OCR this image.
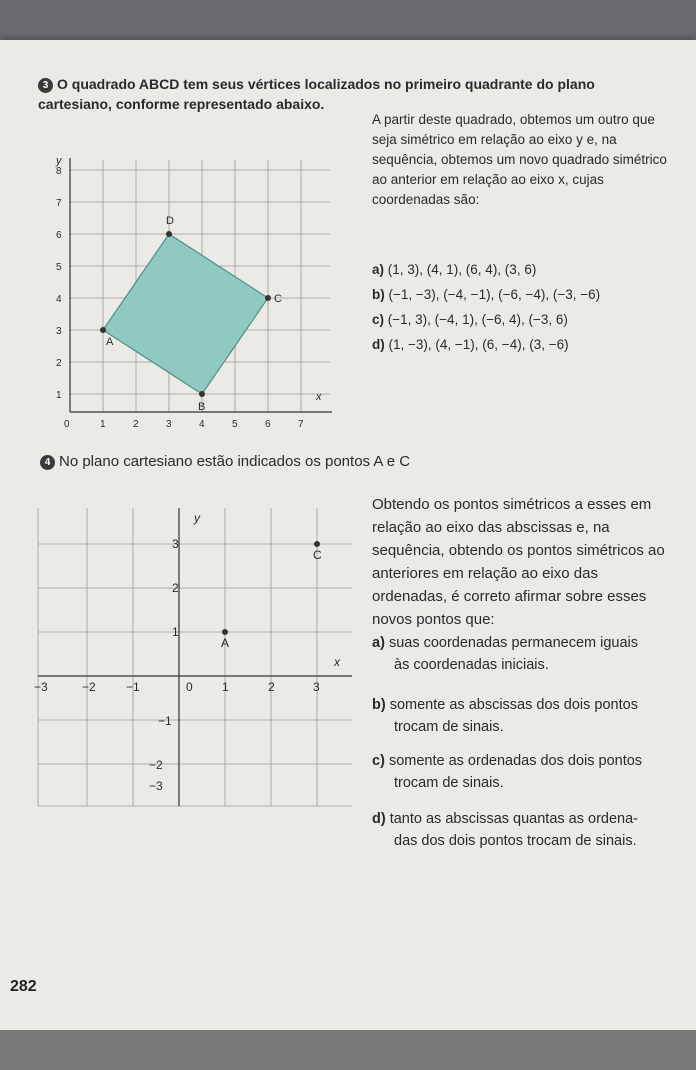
3 O quadrado ABCD tem seus vértices localizados no primeiro quadrante do plano cartesiano, conforme representado abaixo.
A
B
C
D
y
x
8
7
6
5
4
3
2
1
0	1	2	3	4	5	6	7
A partir deste quadrado, obtemos um outro que seja simétrico em relação ao eixo y e, na sequência, obtemos um novo quadrado simétrico ao anterior em relação ao eixo x, cujas coordenadas são:
a) (1, 3), (4, 1), (6, 4), (3, 6)
b) (−1, −3), (−4, −1), (−6, −4), (−3, −6)
c) (−1, 3), (−4, 1), (−6, 4), (−3, 6)
d) (1, −3), (4, −1), (6, −4), (3, −6)
4 No plano cartesiano estão indicados os pontos A e C
A
C
y
x
3
2
1
−1
−2
−3
−3	−2	−1	0 1	2	3
Obtendo os pontos simétricos a esses em relação ao eixo das abscissas e, na sequência, obtendo os pontos simétricos ao anteriores em relação ao eixo das ordenadas, é correto afirmar sobre esses novos pontos que:
a) suas coordenadas permanecem iguais
às coordenadas iniciais.
b) somente as abscissas dos dois pontos
trocam de sinais.
c) somente as ordenadas dos dois pontos
trocam de sinais.
d) tanto as abscissas quantas as ordena-
das dos dois pontos trocam de sinais.
282
